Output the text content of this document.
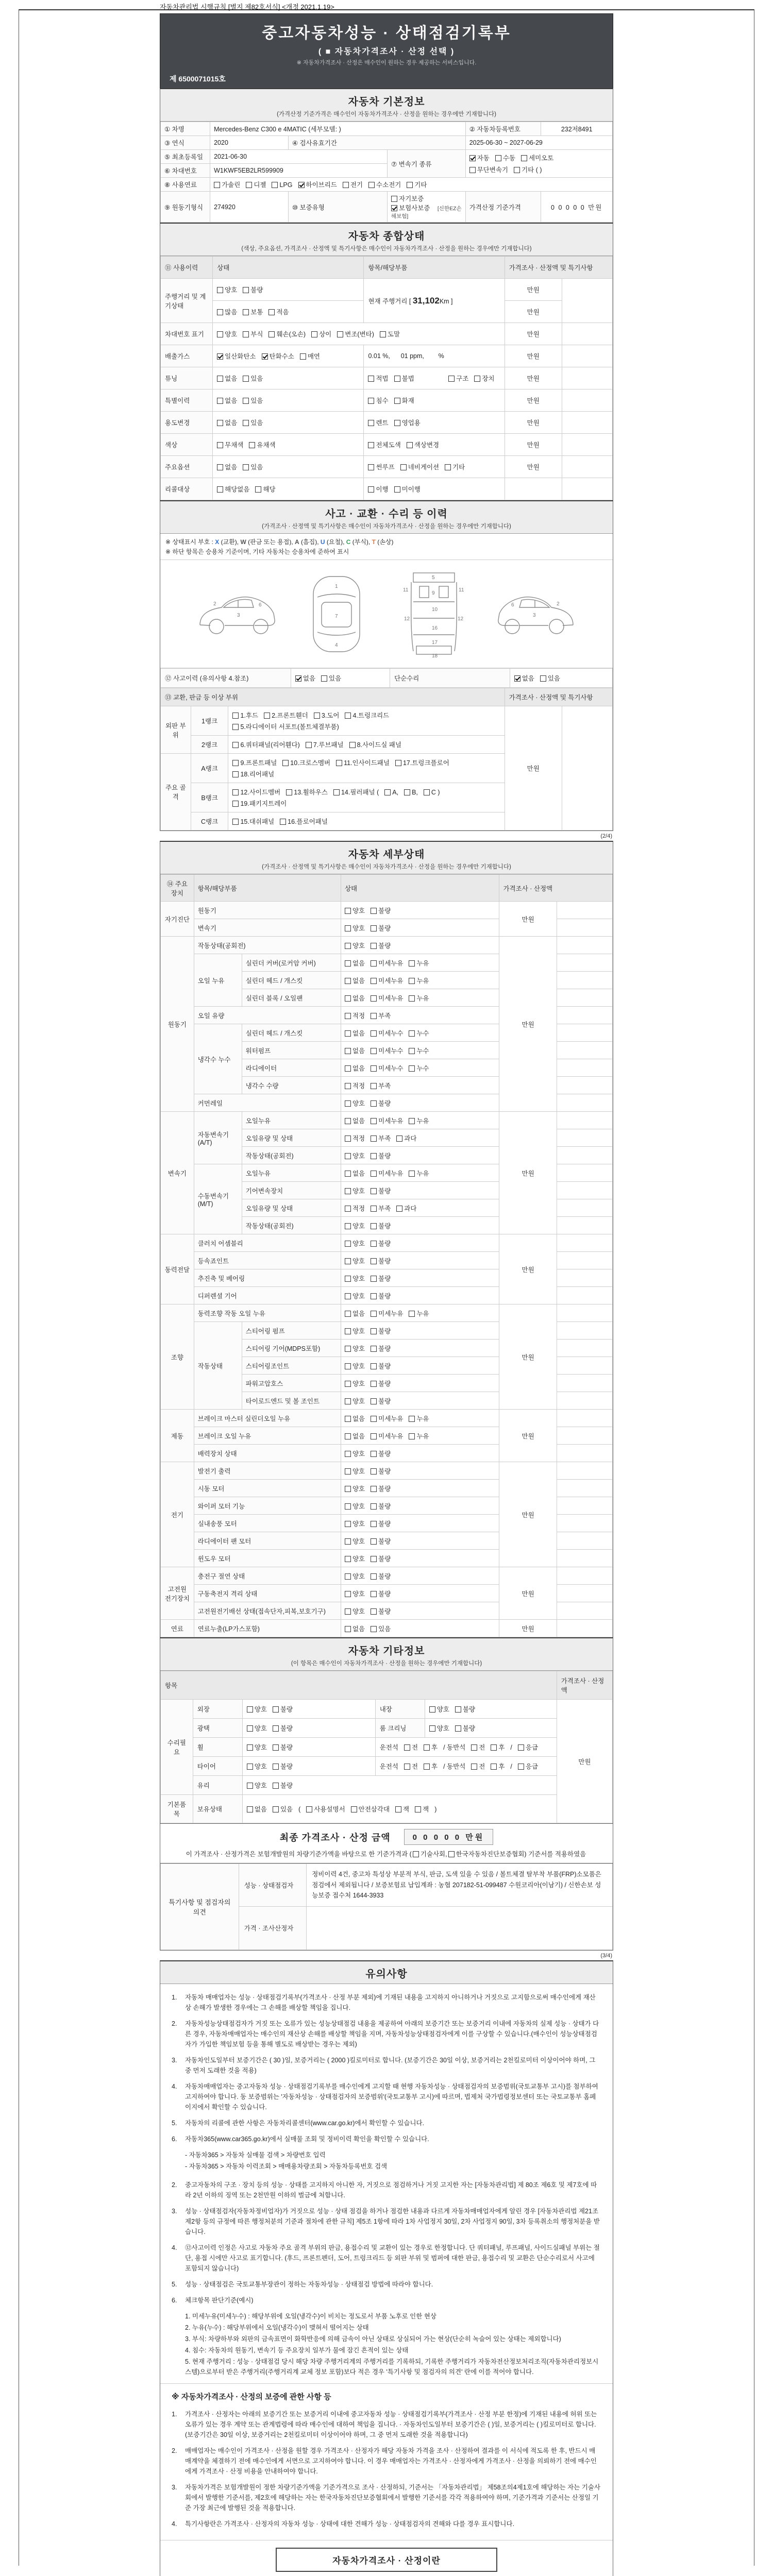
자동차관리법 시행규칙 [별지 제82호서식] <개정 2021.1.19>
중고자동차성능 · 상태점검기록부
( ■ 자동차가격조사 · 산정 선택 )
※ 자동차가격조사 · 산정은 매수인이 원하는 경우 제공하는 서비스입니다.
제 6500071015호
자동차 기본정보
(가격산정 기준가격은 매수인이 자동차가격조사 · 산정을 원하는 경우에만 기재합니다)
① 차명	Mercedes-Benz C300 e 4MATIC (세부모델: )			② 자동차등록번호	232저8491
③ 연식	2020	④ 검사유효기간		2025-06-30 ~ 2027-06-29	
⑤ 최초등록일	2021-06-30		⑦ 변속기 종류	자동 수동 세미오토
무단변속기 기타 ( )	

⑥ 차대번호	W1KWF5EB2LR599909				
⑧ 사용연료	가솔린 디젤 LPG 하이브리드 전기 수소전기 기타				
⑨ 원동기형식	274920	⑩ 보증유형	자기보증보험사보증 [신한EZ손해보험]	가격산정 기준가격	0 0 0 0 0 만원
자동차 종합상태
(색상, 주요옵션, 가격조사 · 산정액 및 특기사항은 매수인이 자동차가격조사 · 산정을 원하는 경우에만 기재합니다)
⑪ 사용이력	상태	항목/해당부품	가격조사 · 산정액 및 특기사항	
주행거리 및 계기상태	양호 불량	현재 주행거리 [ 31,102Km ]	만원	
	많음 보통 적음		만원	
차대번호 표기	양호 부식 훼손(오손) 상이 변조(변타) 도말		만원	
배출가스	일산화탄소 탄화수소 매연	0.01 %,      01 ppm,        %	만원	
튜닝	없음 있음	적법 불법 구조 장치	만원	
특별이력	없음 있음	침수 화재	만원	
용도변경	없음 있음	렌트 영업용	만원	
색상	무채색 유채색	전체도색 색상변경	만원	
주요옵션	없음 있음	썬루프 네비게이션 기타	만원	
리콜대상	해당없음 해당	이행 미이행		
사고 · 교환 · 수리 등 이력
(가격조사 · 산정액 및 특기사항은 매수인이 자동차가격조사 · 산정을 원하는 경우에만 기재합니다)
※ 상태표시 부호 : X (교환), W (판금 또는 용접), A (흠집), U (요철), C (부식), T (손상)
※ 하단 항목은 승용차 기준이며, 기타 자동차는 승용차에 준하여 표시
2
3
6
1
7
4
5
9
11	11
10
12	12
16
17
18
2
3
6
⑫ 사고이력 (유의사항 4.참조)	없음 있음	단순수리	없음 있음
⑬ 교환, 판금 등 이상 부위			가격조사 · 산정액 및 특기사항	
외판 부위	1랭크	1.후드 2.프론트휀더 3.도어 4.트렁크리드
5.라디에이터 서포트(볼트체결부품)	만원	
	2랭크	6.쿼터패널(리어휀다) 7.루브패널 8.사이드실 패널		

주요 골격	A랭크	9.프론트패널 10.크로스멤버 11.인사이드패널 17.트렁크플로어
18.리어패널		

	B랭크	12.사이드멤버 13.휠하우스 14.필러패널 ( A, B, C )
19.패키지트레이		

	C랭크	15.대쉬패널 16.플로어패널		
(2/4)
자동차 세부상태
(가격조사 · 산정액 및 특기사항은 매수인이 자동차가격조사 · 산정을 원하는 경우에만 기재합니다)
⑭ 주요장치	항목/해당부품		상태	가격조사 · 산정액	
자기진단	원동기		양호 불량	만원	
	변속기		양호 불량		
원동기	작동상태(공회전)		양호 불량	만원	
	오일 누유	실린더 커버(로커암 커버)	없음 미세누유 누유		
		실린더 헤드 / 개스킷	없음 미세누유 누유		
		실린더 블록 / 오일팬	없음 미세누유 누유		
	오일 유량		적정 부족		
	냉각수 누수	실린더 헤드 / 개스킷	없음 미세누수 누수		
		워터펌프	없음 미세누수 누수		
		라디에이터	없음 미세누수 누수		
		냉각수 수량	적정 부족		
	커먼레일		양호 불량		
변속기	자동변속기 (A/T)	오일누유	없음 미세누유 누유	만원	
		오일유량 및 상태	적정 부족 과다		
		작동상태(공회전)	양호 불량		
	수동변속기 (M/T)	오일누유	없음 미세누유 누유		
		기어변속장치	양호 불량		
		오일유량 및 상태	적정 부족 과다		
		작동상태(공회전)	양호 불량		
동력전달	클러치 어셈블리		양호 불량	만원	
	등속죠인트		양호 불량		
	추진축 및 베어링		양호 불량		
	디퍼렌셜 기어		양호 불량		
조향	동력조향 작동 오일 누유		없음 미세누유 누유	만원	
	작동상태	스티어링 펌프	양호 불량		
		스티어링 기어(MDPS포함)	양호 불량		
		스티어링조인트	양호 불량		
		파워고압호스	양호 불량		
		타이로드엔드 및 볼 조인트	양호 불량		
제동	브레이크 마스터 실린더오일 누유		없음 미세누유 누유	만원	
	브레이크 오일 누유		없음 미세누유 누유		
	배력장치 상태		양호 불량		
전기	발전기 출력		양호 불량	만원	
	시동 모터		양호 불량		
	와이퍼 모터 기능		양호 불량		
	실내송풍 모터		양호 불량		
	라디에이터 팬 모터		양호 불량		
	윈도우 모터		양호 불량		
고전원 전기장치	충전구 절연 상태		양호 불량	만원	
	구동축전지 격리 상태		양호 불량		
	고전원전기배선 상태(접속단자,피복,보호기구)		양호 불량		
연료	연료누출(LP가스포함)		없음 있음	만원	
자동차 기타정보
(이 항목은 매수인이 자동차가격조사 · 산정을 원하는 경우에만 기재합니다)
항목					가격조사 · 산정액
수리필요	외장	양호 불량	내장	양호 불량	만원
	광택	양호 불량	룸 크리닝	양호 불량	
	휠	양호 불량	운전석 전 후 / 동반석 전 후 / 응급		
	타이어	양호 불량	운전석 전 후 / 동반석 전 후 / 응급		
	유리	양호 불량			
기본품목	보유상태	없음 있음( 사용설명서 안전삼각대 잭 잭 )			
최종 가격조사 · 산정 금액	0 0 0 0 0 만원
이 가격조사 · 산정가격은 보험개발원의 차량기준가액을 바탕으로 한 기준가격과 ( 기술사회, 한국자동차진단보증협회) 기준서를 적용하였음
특기사항 및 점검자의 의견	성능 · 상태점검자	정비이력 4건, 중고차 특성상 부분적 부식, 판금, 도색 있을 수 있음 / 볼트체결 탈부착 부품(FRP)소모품은 점검에서 제외됩니다 / 보증보험료 납입계좌 : 농협 207182-51-099487 수원코리아(이남기) / 신한손보 성능보증 접수처 1644-3933
	가격 · 조사산정자	
(3/4)
유의사항
1.	자동차 매매업자는 성능 · 상태점검기록부(가격조사 · 산정 부분 제외)에 기재된 내용을 고지하지 아니하거나 거짓으로 고지함으로써 매수인에게 재산상 손해가 발생한 경우에는 그 손해를 배상할 책임을 집니다.
2.	자동차성능상태점검자가 거짓 또는 오류가 있는 성능상태점검 내용을 제공하여 아래의 보증기간 또는 보증거리 이내에 자동차의 실제 성능 · 상태가 다른 경우, 자동차매매업자는 매수인의 재산상 손해를 배상할 책임을 지며, 자동차성능상태점검자에게 이를 구상할 수 있습니다.(매수인이 성능상태점검자가 가입한 책임보험 등을 통해 별도로 배상받는 경우는 제외)
3.	자동차인도일부터 보증기간은 ( 30 )일, 보증거리는 ( 2000 )킬로미터로 합니다. (보증기간은 30일 이상, 보증거리는 2천킬로미터 이상이어야 하며, 그 중 먼저 도래한 것을 적용)
4.	자동차매매업자는 중고자동차 성능 · 상태점검기록부를 매수인에게 고지할 때 현행 자동차성능 · 상태점검자의 보증범위(국토교통부 고시)를 첨부하여 고지하여야 합니다. 동 보증범위는 '자동차성능 · 상태점검자의 보증범위'(국토교통부 고시)에 따르며, 법제처 국가법령정보센터 또는 국토교통부 홈페이지에서 확인할 수 있습니다.
5.	자동차의 리콜에 관한 사항은 자동차리콜센터(www.car.go.kr)에서 확인할 수 있습니다.
6.	자동차365(www.car365.go.kr)에서 실매물 조회 및 정비이력 확인을 확인할 수 있습니다.
- 자동차365 > 자동차 실매물 검색 > 차량번호 입력
- 자동차365 > 자동차 이력조회 > 매매용차량조회 > 자동차등록번호 검색
2.	중고자동차의 구조 · 장치 등의 성능 · 상태를 고지하지 아니한 자, 거짓으로 점검하거나 거짓 고지한 자는 [자동차관리법] 제 80조 제6호 및 제7호에 따라 2년 이하의 징역 또는 2천만원 이하의 벌금에 처합니다.
3.	성능 · 상태점검자(자동차정비업자)가 거짓으로 성능 · 상태 점검을 하거나 점검한 내용과 다르게 자동차매매업자에게 알린 경우 [자동차관리법 제21조 제2항 등의 규정에 따른 행정처분의 기준과 절차에 관한 규칙] 제5조 1항에 따라 1차 사업정지 30일, 2차 사업정지 90일, 3차 등록취소의 행정처분을 받습니다.
4.	⑫사고이력 인정은 사고로 자동차 주요 골격 부위의 판금, 용접수리 및 교환이 있는 경우로 한정합니다. 단 쿼터패널, 루프패널, 사이드실패널 부위는 절단, 용접 시에만 사고로 표기합니다. (후드, 프론트펜더, 도어, 트렁크리드 등 외판 부위 및 범퍼에 대한 판금, 용접수리 및 교환은 단순수리로서 사고에 포함되지 않습니다)
5.	성능 · 상태점검은 국토교통부장관이 정하는 자동차성능 · 상태점검 방법에 따라야 합니다.
6.	체크항목 판단기준(예시)
1. 미세누유(미세누수) : 해당부위에 오일(냉각수)이 비치는 정도로서 부품 노후로 인한 현상
2. 누유(누수) : 해당부위에서 오일(냉각수)이 맺혀서 떨어지는 상태
3. 부식: 차량하부와 외판의 금속표면이 화학반응에 의해 금속이 아닌 상태로 상실되어 가는 현상(단순히 녹슬어 있는 상태는 제외합니다)
4. 침수: 자동차의 원동기, 변속기 등 주요장치 일부가 물에 잠긴 흔적이 있는 상태
5. 현재 주행거리 : 성능 · 상태점검 당시 해당 차량 주행거리계의 주행거리를 기록하되, 기록한 주행거리가 자동차전산정보처리조직(자동차관리정보시스템)으로부터 받은 주행거리(주행거리계 교체 정보 포함)보다 적은 경우 '특기사항 및 점검자의 의견' 란에 이를 적어야 합니다.
※ 자동차가격조사 · 산정의 보증에 관한 사항 등
1.	가격조사 · 산정자는 아래의 보증기간 또는 보증거리 이내에 중고자동차 성능 · 상태점검기록부(가격조사 · 산정 부분 한정)에 기재된 내용에 허위 또는 오류가 있는 경우 계약 또는 관계법령에 따라 매수인에 대하여 책임을 집니다. · 자동차인도일부터 보증기간은 ( )일, 보증거리는 ( )킬로미터로 합니다. (보증기간은 30일 이상, 보증거리는 2천킬로미터 이상이어야 하며, 그 중 먼저 도래한 것을 적용합니다)
2.	매매업자는 매수인이 가격조사 · 산정을 원할 경우 가격조사 · 산정자가 해당 자동차 가격을 조사 · 산정하여 결과를 이 서식에 적도록 한 후, 반드시 매매계약을 체결하기 전에 매수인에게 서면으로 고지하여야 합니다. 이 경우 매매업자는 가격조사 · 산정자에게 가격조사 · 산정을 의뢰하기 전에 매수인에게 가격조사 · 산정 비용을 안내하여야 합니다.
3.	자동차가격은 보험개발원이 정한 차량기준가액을 기준가격으로 조사 · 산정하되, 기준서는 「자동차관리법」 제58조의4제1호에 해당하는 자는 기술사회에서 발행한 기준서를, 제2호에 해당하는 자는 한국자동차진단보증협회에서 발행한 기준서를 각각 적용하여야 하며, 기준가격과 기준서는 산정일 기준 가장 최근에 발행된 것을 적용합니다.
4.	특기사항란은 가격조사 · 산정자의 자동차 성능 · 상태에 대한 견해가 성능 · 상태점검자의 견해와 다를 경우 표시합니다.
자동차가격조사 · 산정이란
